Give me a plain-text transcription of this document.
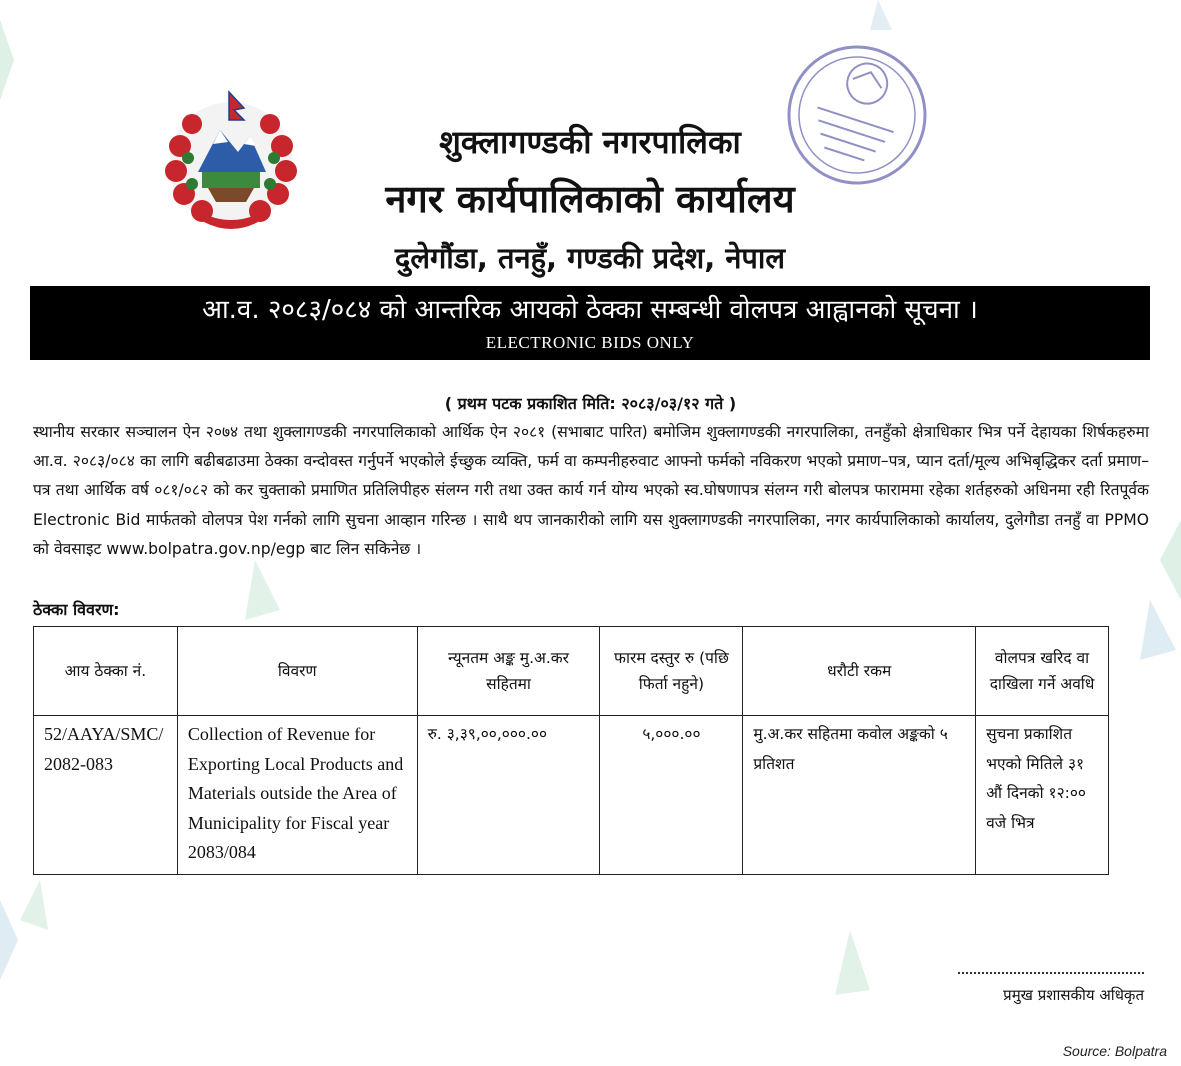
शुक्लागण्डकी नगरपालिका
नगर कार्यपालिकाको कार्यालय
दुलेगौंडा, तनहुँ, गण्डकी प्रदेश, नेपाल
आ.व. २०८३/०८४ को आन्तरिक आयको ठेक्का सम्बन्धी वोलपत्र आह्वानको सूचना ।
ELECTRONIC BIDS ONLY
( प्रथम पटक प्रकाशित मिति: २०८३/०३/१२ गते )
स्थानीय सरकार सञ्चालन ऐन २०७४ तथा शुक्लागण्डकी नगरपालिकाको आर्थिक ऐन २०८१ (सभाबाट पारित) बमोजिम शुक्लागण्डकी नगरपालिका, तनहुँको क्षेत्राधिकार भित्र पर्ने देहायका शिर्षकहरुमा आ.व. २०८३/०८४ का लागि बढीबढाउमा ठेक्का वन्दोवस्त गर्नुपर्ने भएकोले ईच्छुक व्यक्ति, फर्म वा कम्पनीहरुवाट आफ्नो फर्मको नविकरण भएको प्रमाण–पत्र, प्यान दर्ता/मूल्य अभिबृद्धिकर दर्ता प्रमाण–पत्र तथा आर्थिक वर्ष ०८१/०८२ को कर चुक्ताको प्रमाणित प्रतिलिपीहरु संलग्न गरी तथा उक्त कार्य गर्न योग्य भएको स्व.घोषणापत्र संलग्न गरी बोलपत्र फाराममा रहेका शर्तहरुको अधिनमा रही रितपूर्वक Electronic Bid मार्फतको वोलपत्र पेश गर्नको लागि सुचना आव्हान गरिन्छ । साथै थप जानकारीको लागि यस शुक्लागण्डकी नगरपालिका, नगर कार्यपालिकाको कार्यालय, दुलेगौडा तनहुँ वा PPMO को वेवसाइट www.bolpatra.gov.np/egp बाट लिन सकिनेछ ।
ठेक्का विवरण:
आय ठेक्का नं.	विवरण	न्यूनतम अङ्क मु.अ.कर सहितमा	फारम दस्तुर रु (पछि फिर्ता नहुने)	धरौटी रकम	वोलपत्र खरिद वा दाखिला गर्ने अवधि
52/AAYA/SMC/2082-083	Collection of Revenue for Exporting Local Products and Materials outside the Area of Municipality for Fiscal year 2083/084	रु. ३,३९,००,०००.००	५,०००.००	मु.अ.कर सहितमा कवोल अङ्कको ५ प्रतिशत	सुचना प्रकाशित भएको मितिले ३१ औं दिनको १२:०० वजे भित्र
प्रमुख प्रशासकीय अधिकृत
Source: Bolpatra
